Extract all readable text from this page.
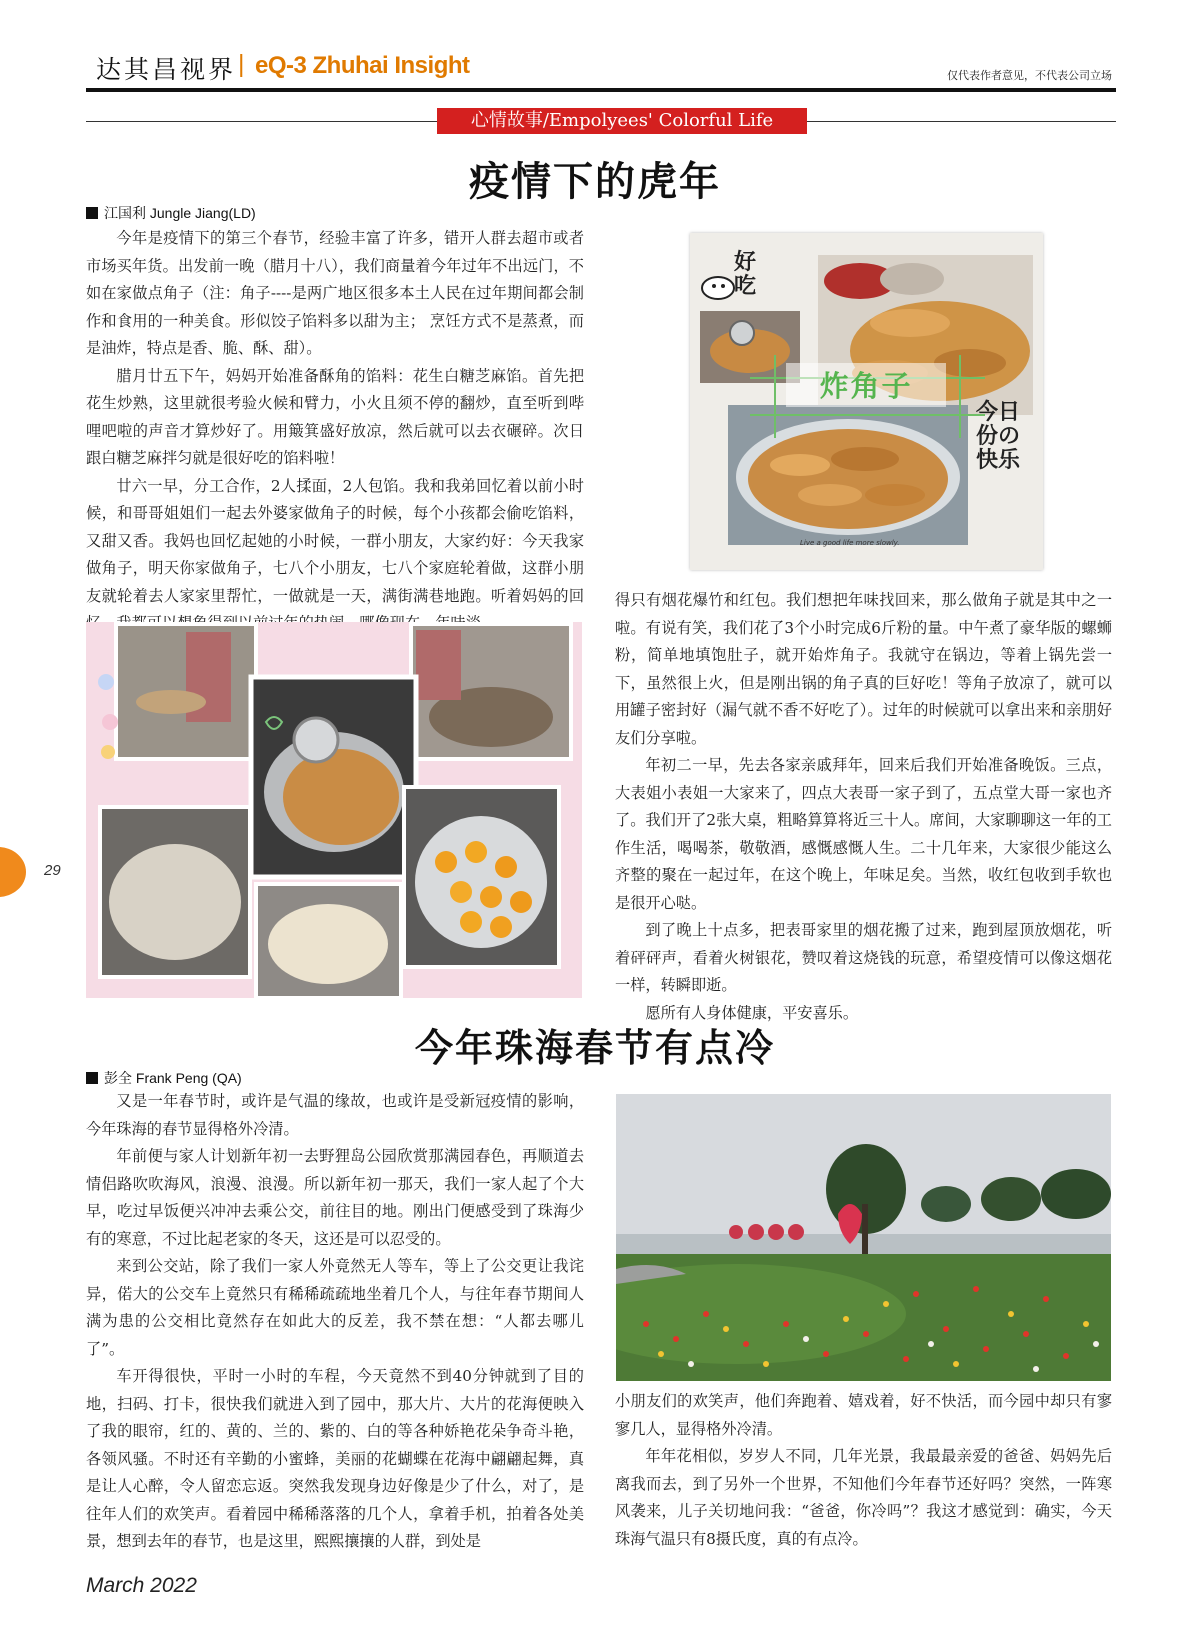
达其昌视界 | eQ-3 Zhuhai Insight	仅代表作者意见，不代表公司立场
心情故事/Empolyees' Colorful Life
疫情下的虎年
江国利 Jungle Jiang(LD)

今年是疫情下的第三个春节，经验丰富了许多，错开人群去超市或者市场买年货。出发前一晚（腊月十八），我们商量着今年过年不出远门，不如在家做点角子（注：角子----是两广地区很多本土人民在过年期间都会制作和食用的一种美食。形似饺子馅料多以甜为主； 烹饪方式不是蒸煮，而是油炸，特点是香、脆、酥、甜）。

腊月廿五下午，妈妈开始准备酥角的馅料：花生白糖芝麻馅。首先把花生炒熟，这里就很考验火候和臂力，小火且须不停的翻炒，直至听到哔哩吧啦的声音才算炒好了。用簸箕盛好放凉，然后就可以去衣碾碎。次日跟白糖芝麻拌匀就是很好吃的馅料啦！

廿六一早，分工合作，2人揉面，2人包馅。我和我弟回忆着以前小时候，和哥哥姐姐们一起去外婆家做角子的时候，每个小孩都会偷吃馅料，又甜又香。我妈也回忆起她的小时候，一群小朋友，大家约好：今天我家做角子，明天你家做角子，七八个小朋友，七八个家庭轮着做，这群小朋友就轮着去人家家里帮忙，一做就是一天，满街满巷地跑。听着妈妈的回

炸角子
好吃
今日份の快乐
Live a good life more slowly.

得只有烟花爆竹和红包。我们想把年味找回来，那么做角子就是其中之一啦。有说有笑，我们花了3个小时完成6斤粉的量。中午煮了豪华版的螺蛳粉，简单地填饱肚子，就开始炸角子。我就守在锅边，等着上锅先尝一下，虽然很上火，但是刚出锅的角子真的巨好吃！等角子放凉了，就可以用罐子密封好（漏气就不香不好吃了）。过年的时候就可以拿出来和亲朋好友们分享啦。

年初二一早，先去各家亲戚拜年，回来后我们开始准备晚饭。三点，大表姐小表姐一大家来了，四点大表哥一家子到了，五点堂大哥一家也齐了。我们开了2张大桌，粗略算算将近三十人。席间，大家聊聊这一年的工作生活，喝喝茶，敬敬酒，感慨感慨人生。二十几年来，大家很少能这么齐整的聚在一起过年，在这个晚上，年味足矣。当然，收红包收到手软也是很开心哒。

到了晚上十点多，把表哥家里的烟花搬了过来，跑到屋顶放烟花，听着砰砰声，看着火树银花，赞叹着这烧钱的玩意，希望疫情可以像这烟花一样，转瞬即逝。

愿所有人身体健康，平安喜乐。

今年珠海春节有点冷
彭全 Frank Peng (QA)

又是一年春节时，或许是气温的缘故，也或许是受新冠疫情的影响，今年珠海的春节显得格外冷清。

年前便与家人计划新年初一去野狸岛公园欣赏那满园春色，再顺道去情侣路吹吹海风，浪漫、浪漫。所以新年初一那天，我们一家人起了个大早，吃过早饭便兴冲冲去乘公交，前往目的地。刚出门便感受到了珠海少有的寒意，不过比起老家的冬天，这还是可以忍受的。

来到公交站，除了我们一家人外竟然无人等车，等上了公交更让我诧异，偌大的公交车上竟然只有稀稀疏疏地坐着几个人，与往年春节期间人满为患的公交相比竟然存在如此大的反差，我不禁在想：“人都去哪儿了”。

车开得很快，平时一小时的车程，今天竟然不到40分钟就到了目的地，扫码、打卡，很快我们就进入到了园中，那大片、大片的花海便映入了我的眼帘，红的、黄的、兰的、紫的、白的等各种娇艳花朵争奇斗艳，各领风骚。不时还有辛勤的小蜜蜂，美丽的花蝴蝶在花海中翩翩起舞，真是让人心醉，令人留恋忘返。突然我发现身边好像是少了什么，对了，是往年人们的欢笑声。看着园中稀稀落落的几个人，拿着手机，拍着各处美景，想到去年的春节，也是这里，熙熙攘攘的人群，到处是

小朋友们的欢笑声，他们奔跑着、嬉戏着，好不快活，而今园中却只有寥寥几人，显得格外冷清。

年年花相似，岁岁人不同，几年光景，我最最亲爱的爸爸、妈妈先后离我而去，到了另外一个世界，不知他们今年春节还好吗？突然，一阵寒风袭来，儿子关切地问我：“爸爸，你冷吗”？我这才感觉到：确实，今天珠海气温只有8摄氏度，真的有点冷。

29
March 2022
